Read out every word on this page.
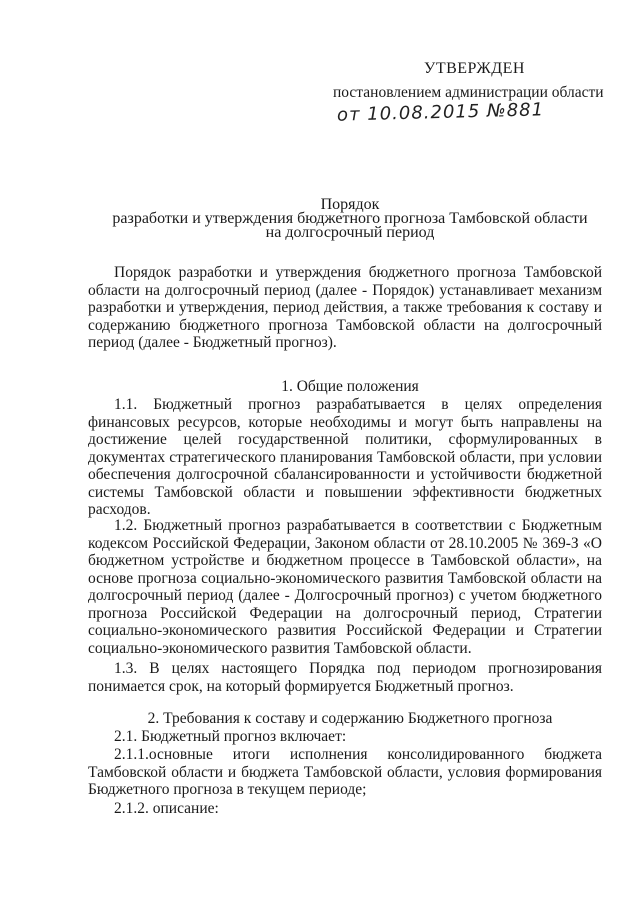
УТВЕРЖДЕН
постановлением администрации области
от 10.08.2015 №881
Порядок
разработки и утверждения бюджетного прогноза Тамбовской области
на долгосрочный период

Порядок разработки и утверждения бюджетного прогноза Тамбовской области на долгосрочный период (далее - Порядок) устанавливает механизм разработки и утверждения, период действия, а также требования к составу и содержанию бюджетного прогноза Тамбовской области на долгосрочный период (далее - Бюджетный прогноз).

1. Общие положения

1.1. Бюджетный прогноз разрабатывается в целях определения финансовых ресурсов, которые необходимы и могут быть направлены на достижение целей государственной политики, сформулированных в документах стратегического планирования Тамбовской области, при условии обеспечения долгосрочной сбалансированности и устойчивости бюджетной системы Тамбовской области и повышении эффективности бюджетных расходов.

1.2. Бюджетный прогноз разрабатывается в соответствии с Бюджетным кодексом Российской Федерации, Законом области от 28.10.2005 № 369-З «О бюджетном устройстве и бюджетном процессе в Тамбовской области», на основе прогноза социально-экономического развития Тамбовской области на долгосрочный период (далее - Долгосрочный прогноз) с учетом бюджетного прогноза Российской Федерации на долгосрочный период, Стратегии социально-экономического развития Российской Федерации и Стратегии социально-экономического развития Тамбовской области.

1.3. В целях настоящего Порядка под периодом прогнозирования понимается срок, на который формируется Бюджетный прогноз.

2. Требования к составу и содержанию Бюджетного прогноза

2.1. Бюджетный прогноз включает:

2.1.1.основные итоги исполнения консолидированного бюджета Тамбовской области и бюджета Тамбовской области, условия формирования Бюджетного прогноза в текущем периоде;

2.1.2. описание:
